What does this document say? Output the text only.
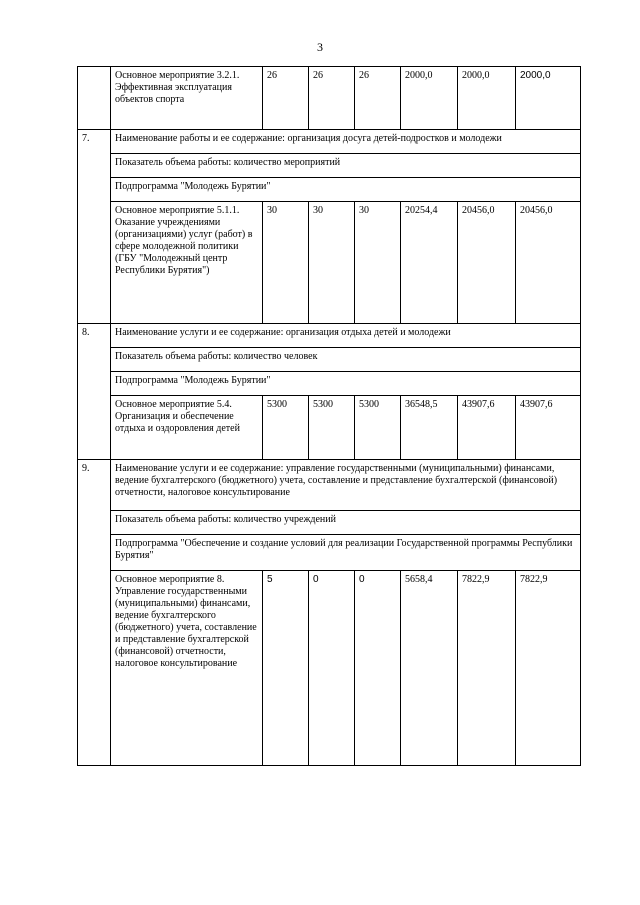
3
	Основное мероприятие 3.2.1. Эффективная эксплуатация объектов спорта	26	26	26	2000,0	2000,0	2000,0
7.	Наименование работы и ее содержание: организация досуга детей-подростков и молодежи						
	Показатель объема работы: количество мероприятий						
	Подпрограмма "Молодежь Бурятии"						
	Основное мероприятие 5.1.1. Оказание учреждениями (организациями) услуг (работ) в сфере молодежной политики (ГБУ "Молодежный центр Республики Бурятия")	30	30	30	20254,4	20456,0	20456,0
8.	Наименование услуги и ее содержание: организация отдыха детей и молодежи						
	Показатель объема работы: количество человек						
	Подпрограмма "Молодежь Бурятии"						
	Основное мероприятие 5.4. Организация и обеспечение отдыха и оздоровления детей	5300	5300	5300	36548,5	43907,6	43907,6
9.	Наименование услуги и ее содержание: управление государственными (муниципальными) финансами, ведение бухгалтерского (бюджетного) учета, составление и представление бухгалтерской (финансовой) отчетности, налоговое консультирование						
	Показатель объема работы: количество учреждений						
	Подпрограмма "Обеспечение и создание условий для реализации Государственной программы Республики Бурятия"						
	Основное мероприятие 8. Управление государственными (муниципальными) финансами, ведение бухгалтерского (бюджетного) учета, составление и представление бухгалтерской (финансовой) отчетности, налоговое консультирование	5	0	0	5658,4	7822,9	7822,9
